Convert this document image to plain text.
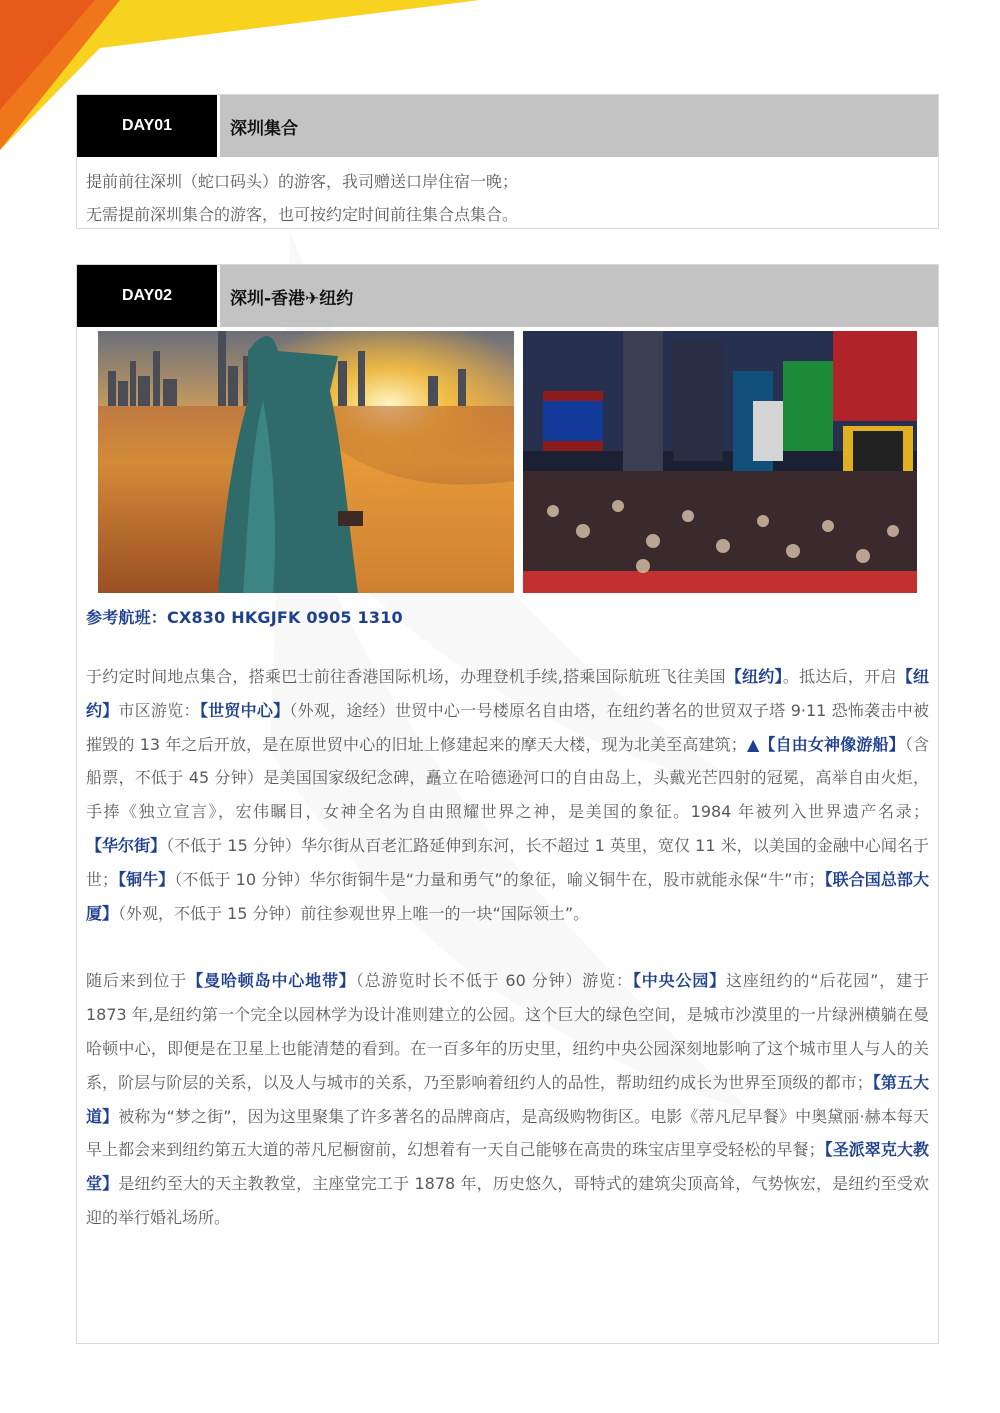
DAY01	深圳集合
提前前往深圳（蛇口码头）的游客，我司赠送口岸住宿一晚；
无需提前深圳集合的游客，也可按约定时间前往集合点集合。
DAY02	深圳-香港✈纽约
参考航班：CX830 HKGJFK 0905 1310
于约定时间地点集合，搭乘巴士前往香港国际机场，办理登机手续,搭乘国际航班飞往美国【纽约】。抵达后，开启【纽约】市区游览：【世贸中心】（外观，途经）世贸中心一号楼原名自由塔，在纽约著名的世贸双子塔 9·11 恐怖袭击中被摧毁的 13 年之后开放，是在原世贸中心的旧址上修建起来的摩天大楼，现为北美至高建筑；▲【自由女神像游船】（含船票，不低于 45 分钟）是美国国家级纪念碑，矗立在哈德逊河口的自由岛上，头戴光芒四射的冠冕，高举自由火炬，手捧《独立宣言》，宏伟瞩目，女神全名为自由照耀世界之神，是美国的象征。1984 年被列入世界遗产名录；【华尔街】（不低于 15 分钟）华尔街从百老汇路延伸到东河，长不超过 1 英里，宽仅 11 米，以美国的金融中心闻名于世；【铜牛】（不低于 10 分钟）华尔街铜牛是“力量和勇气”的象征，喻义铜牛在，股市就能永保“牛”市；【联合国总部大厦】（外观，不低于 15 分钟）前往参观世界上唯一的一块“国际领土”。
随后来到位于【曼哈顿岛中心地带】（总游览时长不低于 60 分钟）游览：【中央公园】这座纽约的“后花园”，建于 1873 年,是纽约第一个完全以园林学为设计准则建立的公园。这个巨大的绿色空间，是城市沙漠里的一片绿洲横躺在曼哈顿中心，即便是在卫星上也能清楚的看到。在一百多年的历史里，纽约中央公园深刻地影响了这个城市里人与人的关系，阶层与阶层的关系，以及人与城市的关系，乃至影响着纽约人的品性，帮助纽约成长为世界至顶级的都市；【第五大道】被称为“梦之街”，因为这里聚集了许多著名的品牌商店，是高级购物街区。电影《蒂凡尼早餐》中奥黛丽·赫本每天早上都会来到纽约第五大道的蒂凡尼橱窗前，幻想着有一天自己能够在高贵的珠宝店里享受轻松的早餐；【圣派翠克大教堂】是纽约至大的天主教教堂，主座堂完工于 1878 年，历史悠久，哥特式的建筑尖顶高耸，气势恢宏，是纽约至受欢迎的举行婚礼场所。
